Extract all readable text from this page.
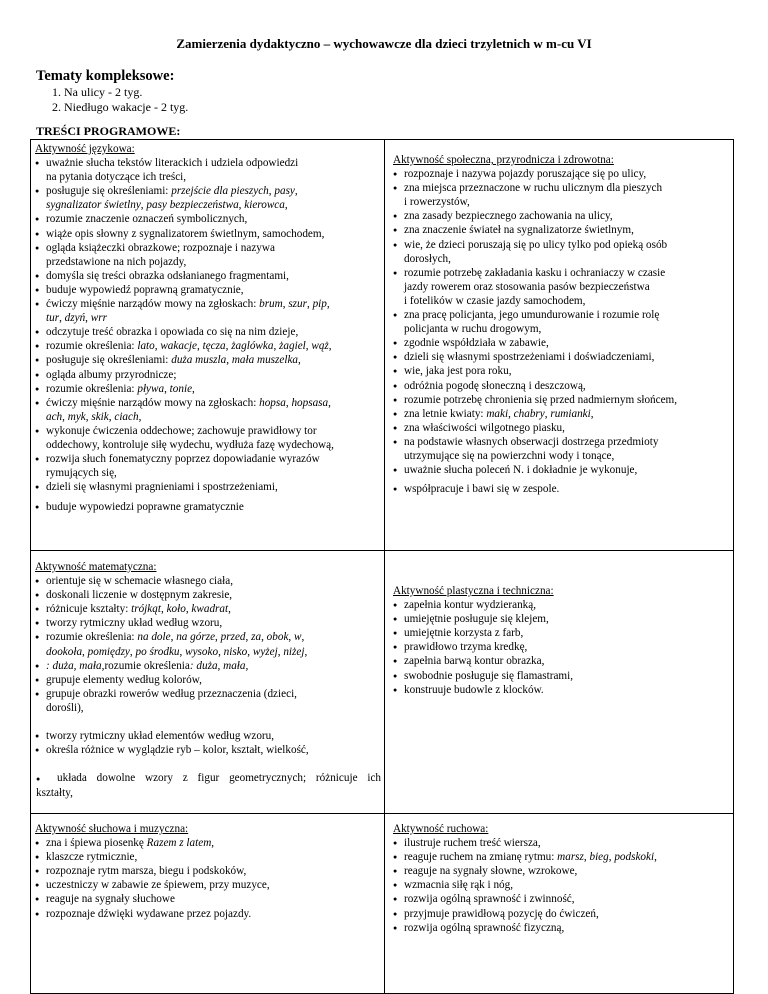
Zamierzenia dydaktyczno – wychowawcze dla dzieci trzyletnich w m-cu VI
Tematy kompleksowe:
1. Na ulicy - 2 tyg.
2. Niedługo wakacje - 2 tyg.
TREŚCI PROGRAMOWE:
Aktywność językowa:
● uważnie słucha tekstów literackich i udziela odpowiedzi
na pytania dotyczące ich treści,
● posługuje się określeniami: przejście dla pieszych, pasy,
sygnalizator świetlny, pasy bezpieczeństwa, kierowca,
● rozumie znaczenie oznaczeń symbolicznych,
● wiąże opis słowny z sygnalizatorem świetlnym, samochodem,
● ogląda książeczki obrazkowe; rozpoznaje i nazywa
przedstawione na nich pojazdy,
● domyśla się treści obrazka odsłanianego fragmentami,
● buduje wypowiedź poprawną gramatycznie,
● ćwiczy mięśnie narządów mowy na zgłoskach: brum, szur, pip,
tur, dzyń, wrr
● odczytuje treść obrazka i opowiada co się na nim dzieje,
● rozumie określenia: lato, wakacje, tęcza, żaglówka, żagiel, wąż,
● posługuje się określeniami: duża muszla, mała muszelka,
● ogląda albumy przyrodnicze;
● rozumie określenia: pływa, tonie,
● ćwiczy mięśnie narządów mowy na zgłoskach: hopsa, hopsasa,
ach, myk, skik, ciach,
● wykonuje ćwiczenia oddechowe; zachowuje prawidłowy tor
oddechowy, kontroluje siłę wydechu, wydłuża fazę wydechową,
● rozwija słuch fonematyczny poprzez dopowiadanie wyrazów
rymujących się,
● dzieli się własnymi pragnieniami i spostrzeżeniami,
● buduje wypowiedzi poprawne gramatycznie
Aktywność społeczna, przyrodnicza i zdrowotna:
● rozpoznaje i nazywa pojazdy poruszające się po ulicy,
● zna miejsca przeznaczone w ruchu ulicznym dla pieszych
i rowerzystów,
● zna zasady bezpiecznego zachowania na ulicy,
● zna znaczenie świateł na sygnalizatorze świetlnym,
● wie, że dzieci poruszają się po ulicy tylko pod opieką osób
dorosłych,
● rozumie potrzebę zakładania kasku i ochraniaczy w czasie
jazdy rowerem oraz stosowania pasów bezpieczeństwa
i fotelików w czasie jazdy samochodem,
● zna pracę policjanta, jego umundurowanie i rozumie rolę
policjanta w ruchu drogowym,
● zgodnie współdziała w zabawie,
● dzieli się własnymi spostrzeżeniami i doświadczeniami,
● wie, jaka jest pora roku,
● odróżnia pogodę słoneczną i deszczową,
● rozumie potrzebę chronienia się przed nadmiernym słońcem,
● zna letnie kwiaty: maki, chabry, rumianki,
● zna właściwości wilgotnego piasku,
● na podstawie własnych obserwacji dostrzega przedmioty
utrzymujące się na powierzchni wody i tonące,
● uważnie słucha poleceń N. i dokładnie je wykonuje,
● współpracuje i bawi się w zespole.
Aktywność matematyczna:
● orientuje się w schemacie własnego ciała,
● doskonali liczenie w dostępnym zakresie,
● różnicuje kształty: trójkąt, koło, kwadrat,
● tworzy rytmiczny układ według wzoru,
● rozumie określenia: na dole, na górze, przed, za, obok, w,
dookoła, pomiędzy, po środku, wysoko, nisko, wyżej, niżej,
● : duża, mała,rozumie określenia: duża, mała,
● grupuje elementy według kolorów,
● grupuje obrazki rowerów według przeznaczenia (dzieci,
dorośli),
● tworzy rytmiczny układ elementów według wzoru,
● określa różnice w wyglądzie ryb – kolor, kształt, wielkość,
● układa dowolne wzory z figur geometrycznych; różnicuje ich
kształty,
Aktywność plastyczna i techniczna:
● zapełnia kontur wydzieranką,
● umiejętnie posługuje się klejem,
● umiejętnie korzysta z farb,
● prawidłowo trzyma kredkę,
● zapełnia barwą kontur obrazka,
● swobodnie posługuje się flamastrami,
● konstruuje budowle z klocków.
Aktywność słuchowa i muzyczna:
● zna i śpiewa piosenkę Razem z latem,
● klaszcze rytmicznie,
● rozpoznaje rytm marsza, biegu i podskoków,
● uczestniczy w zabawie ze śpiewem, przy muzyce,
● reaguje na sygnały słuchowe
● rozpoznaje dźwięki wydawane przez pojazdy.
Aktywność ruchowa:
● ilustruje ruchem treść wiersza,
● reaguje ruchem na zmianę rytmu: marsz, bieg, podskoki,
● reaguje na sygnały słowne, wzrokowe,
● wzmacnia siłę rąk i nóg,
● rozwija ogólną sprawność i zwinność,
● przyjmuje prawidłową pozycję do ćwiczeń,
● rozwija ogólną sprawność fizyczną,
